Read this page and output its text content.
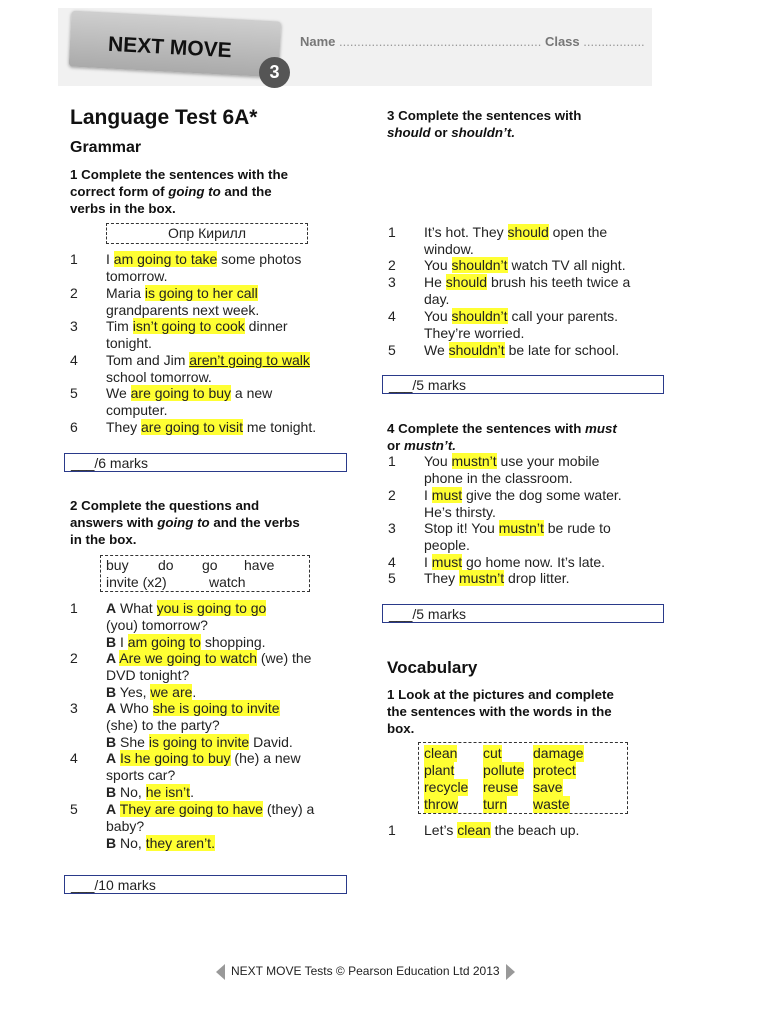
NEXT MOVE
3
Name ........................................................ Class .................
Language Test 6A*
Grammar
1 Complete the sentences with the
correct form of going to and the
verbs in the box.
Опр Кирилл
1 I am going to take some photos
tomorrow.
2 Maria is going to her call
grandparents next week.
3 Tim isn’t going to cook dinner
tonight.
4 Tom and Jim aren’t going to walk
school tomorrow.
5 We are going to buy a new
computer.
6 They are going to visit me tonight.
___/6 marks
2 Complete the questions and
answers with going to and the verbs
in the box.
buy do go have
invite (x2)	watch
1 A What you is going to go
(you) tomorrow?
B I am going to shopping.
2 A Are we going to watch (we) the
DVD tonight?
B Yes, we are.
3 A Who she is going to invite
(she) to the party?
B She is going to invite David.
4 A Is he going to buy (he) a new
sports car?
B No, he isn’t.
5 A They are going to have (they) a
baby?
B No, they aren’t.
___/10 marks
3 Complete the sentences with
should or shouldn’t.
1 It’s hot. They should open the
window.
2 You shouldn’t watch TV all night.
3 He should brush his teeth twice a
day.
4 You shouldn’t call your parents.
They’re worried.
5 We shouldn’t be late for school.
___/5 marks
4 Complete the sentences with must
or mustn’t.
1 You mustn’t use your mobile
phone in the classroom.
2 I must give the dog some water.
He’s thirsty.
3 Stop it! You mustn’t be rude to
people.
4 I must go home now. It’s late.
5 They mustn’t drop litter.
___/5 marks
Vocabulary
1 Look at the pictures and complete
the sentences with the words in the
box.
clean cut damage
plant pollute protect
recycle reuse save
throw turn waste
1 Let’s clean the beach up.
NEXT MOVE Tests © Pearson Education Ltd 2013
